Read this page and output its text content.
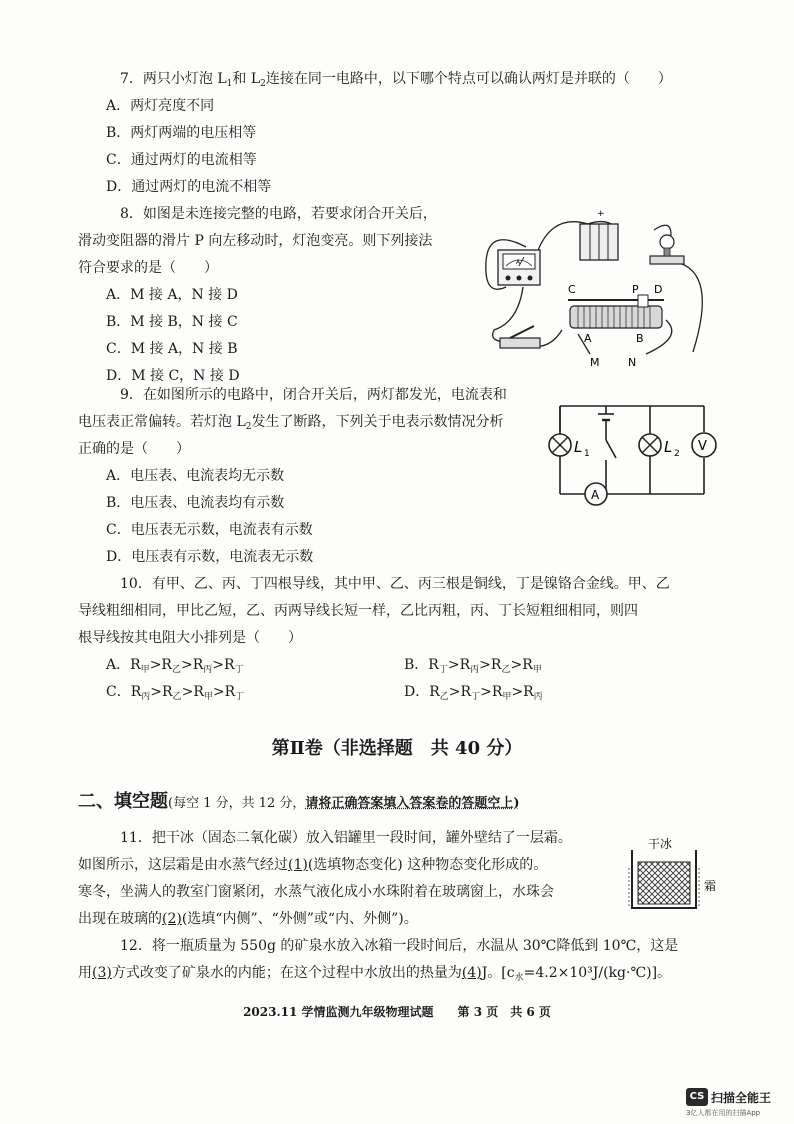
7．两只小灯泡 $L_1$和 $L_2$连接在同一电路中，以下哪个特点可以确认两灯是并联的（　　）
A．两灯亮度不同
B．两灯两端的电压相等
C．通过两灯的电流相等
D．通过两灯的电流不相等
8．如图是未连接完整的电路，若要求闭合开关后，
滑动变阻器的滑片 P 向左移动时，灯泡变亮。则下列接法
符合要求的是（　　）
A．M 接 A，N 接 D
B．M 接 B，N 接 C
C．M 接 A，N 接 B
D．M 接 C，N 接 D
A
+
C	P D
A	B
M	N
9．在如图所示的电路中，闭合开关后，两灯都发光，电流表和
电压表正常偏转。若灯泡 $L_2$发生了断路，下列关于电表示数情况分析
正确的是（　　）
A．电压表、电流表均无示数
B．电压表、电流表均有示数
C．电压表无示数，电流表有示数
D．电压表有示数，电流表无示数
L 1	L 2 V
A
10．有甲、乙、丙、丁四根导线，其中甲、乙、丙三根是铜线，丁是镍铬合金线。甲、乙
导线粗细相同，甲比乙短，乙、丙两导线长短一样，乙比丙粗，丙、丁长短粗细相同，则四
根导线按其电阻大小排列是（　　）
A．$R_甲>R_乙>R_丙>R_丁$	B．$R_丁>R_丙>R_乙>R_甲$
C．$R_丙>R_乙>R_甲>R_丁$	D．$R_乙>R_丁>R_甲>R_丙$
第Ⅱ卷（非选择题　共 40 分）
二、填空题(每空 1 分，共 12 分，请将正确答案填入答案卷的答题空上)
11．把干冰（固态二氧化碳）放入铝罐里一段时间，罐外壁结了一层霜。
如图所示，这层霜是由水蒸气经过(1)(选填物态变化) 这种物态变化形成的。
寒冬，坐满人的教室门窗紧闭，水蒸气液化成小水珠附着在玻璃窗上，水珠会
出现在玻璃的(2)(选填“内侧”、“外侧”或“内、外侧”)。
干冰
霜
12．将一瓶质量为 550g 的矿泉水放入冰箱一段时间后，水温从 30℃降低到 10℃，这是
用(3)方式改变了矿泉水的内能；在这个过程中水放出的热量为(4)J。$[c_水=4.2\times 10^3J/(kg\cdot℃)]$。
2023.11 学情监测九年级物理试题　　第 3 页　共 6 页
CS 扫描全能王
3亿人都在用的扫描App
